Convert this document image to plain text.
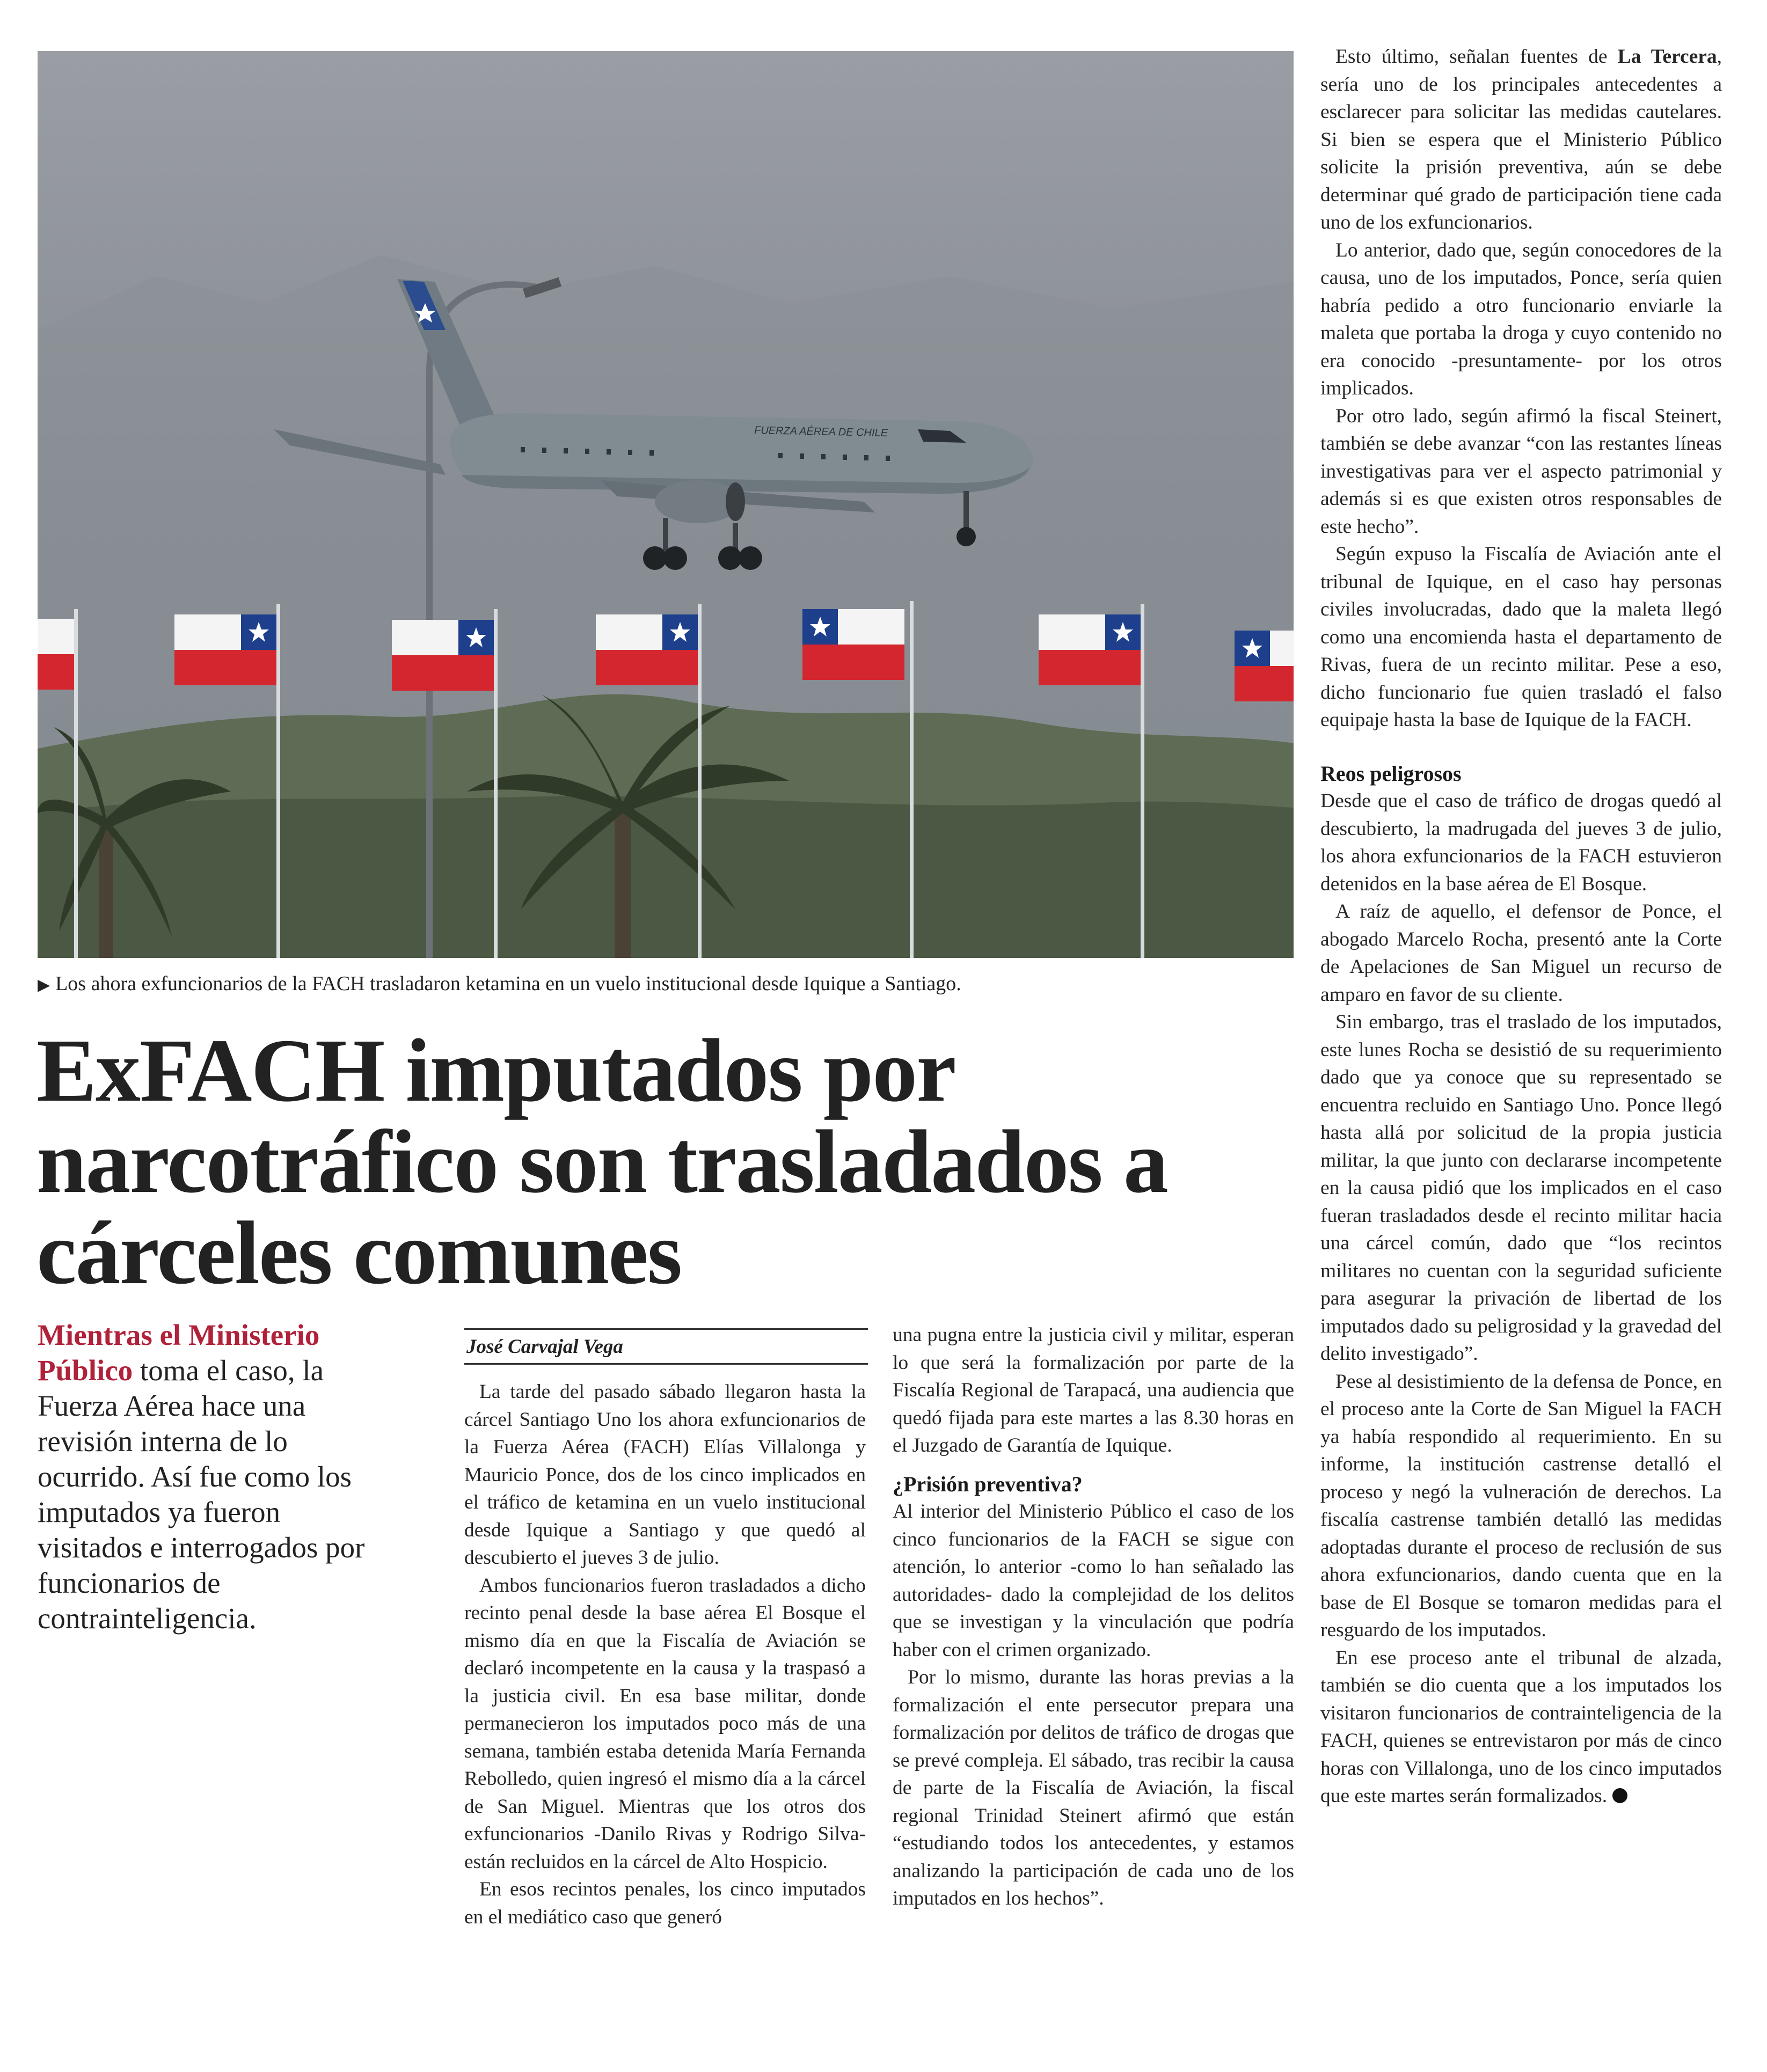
FUERZA AÉREA DE CHILE
▶ Los ahora exfuncionarios de la FACH trasladaron ketamina en un vuelo institucional desde Iquique a Santiago.
ExFACH imputados por narcotráfico son trasladados a cárceles comunes
Mientras el Ministerio Público toma el caso, la Fuerza Aérea hace una revisión interna de lo ocurrido. Así fue como los imputados ya fueron visitados e interrogados por funcionarios de contrainteligencia.
José Carvajal Vega

La tarde del pasado sábado llegaron hasta la cárcel Santiago Uno los ahora exfuncionarios de la Fuerza Aérea (FACH) Elías Villalonga y Mauricio Ponce, dos de los cinco implicados en el tráfico de ketamina en un vuelo institucional desde Iquique a Santiago y que quedó al descubierto el jueves 3 de julio.

Ambos funcionarios fueron trasladados a dicho recinto penal desde la base aérea El Bosque el mismo día en que la Fiscalía de Aviación se declaró incompetente en la causa y la traspasó a la justicia civil. En esa base militar, donde permanecieron los imputados poco más de una semana, también estaba detenida María Fernanda Rebolledo, quien ingresó el mismo día a la cárcel de San Miguel. Mientras que los otros dos exfuncionarios -Danilo Rivas y Rodrigo Silva- están recluidos en la cárcel de Alto Hospicio.

En esos recintos penales, los cinco imputados en el mediático caso que generó

una pugna entre la justicia civil y militar, esperan lo que será la formalización por parte de la Fiscalía Regional de Tarapacá, una audiencia que quedó fijada para este martes a las 8.30 horas en el Juzgado de Garantía de Iquique.

¿Prisión preventiva?

Al interior del Ministerio Público el caso de los cinco funcionarios de la FACH se sigue con atención, lo anterior -como lo han señalado las autoridades- dado la complejidad de los delitos que se investigan y la vinculación que podría haber con el crimen organizado.

Por lo mismo, durante las horas previas a la formalización el ente persecutor prepara una formalización por delitos de tráfico de drogas que se prevé compleja. El sábado, tras recibir la causa de parte de la Fiscalía de Aviación, la fiscal regional Trinidad Steinert afirmó que están “estudiando todos los antecedentes, y estamos analizando la participación de cada uno de los imputados en los hechos”.

Esto último, señalan fuentes de La Tercera, sería uno de los principales antecedentes a esclarecer para solicitar las medidas cautelares. Si bien se espera que el Ministerio Público solicite la prisión preventiva, aún se debe determinar qué grado de participación tiene cada uno de los exfuncionarios.

Lo anterior, dado que, según conocedores de la causa, uno de los imputados, Ponce, sería quien habría pedido a otro funcionario enviarle la maleta que portaba la droga y cuyo contenido no era conocido -presuntamente- por los otros implicados.

Por otro lado, según afirmó la fiscal Steinert, también se debe avanzar “con las restantes líneas investigativas para ver el aspecto patrimonial y además si es que existen otros responsables de este hecho”.

Según expuso la Fiscalía de Aviación ante el tribunal de Iquique, en el caso hay personas civiles involucradas, dado que la maleta llegó como una encomienda hasta el departamento de Rivas, fuera de un recinto militar. Pese a eso, dicho funcionario fue quien trasladó el falso equipaje hasta la base de Iquique de la FACH.

Reos peligrosos

Desde que el caso de tráfico de drogas quedó al descubierto, la madrugada del jueves 3 de julio, los ahora exfuncionarios de la FACH estuvieron detenidos en la base aérea de El Bosque.

A raíz de aquello, el defensor de Ponce, el abogado Marcelo Rocha, presentó ante la Corte de Apelaciones de San Miguel un recurso de amparo en favor de su cliente.

Sin embargo, tras el traslado de los imputados, este lunes Rocha se desistió de su requerimiento dado que ya conoce que su representado se encuentra recluido en Santiago Uno. Ponce llegó hasta allá por solicitud de la propia justicia militar, la que junto con declararse incompetente en la causa pidió que los implicados en el caso fueran trasladados desde el recinto militar hacia una cárcel común, dado que “los recintos militares no cuentan con la seguridad suficiente para asegurar la privación de libertad de los imputados dado su peligrosidad y la gravedad del delito investigado”.

Pese al desistimiento de la defensa de Ponce, en el proceso ante la Corte de San Miguel la FACH ya había respondido al requerimiento. En su informe, la institución castrense detalló el proceso y negó la vulneración de derechos. La fiscalía castrense también detalló las medidas adoptadas durante el proceso de reclusión de sus ahora exfuncionarios, dando cuenta que en la base de El Bosque se tomaron medidas para el resguardo de los imputados.

En ese proceso ante el tribunal de alzada, también se dio cuenta que a los imputados los visitaron funcionarios de contrainteligencia de la FACH, quienes se entrevistaron por más de cinco horas con Villalonga, uno de los cinco imputados que este martes serán formalizados.
